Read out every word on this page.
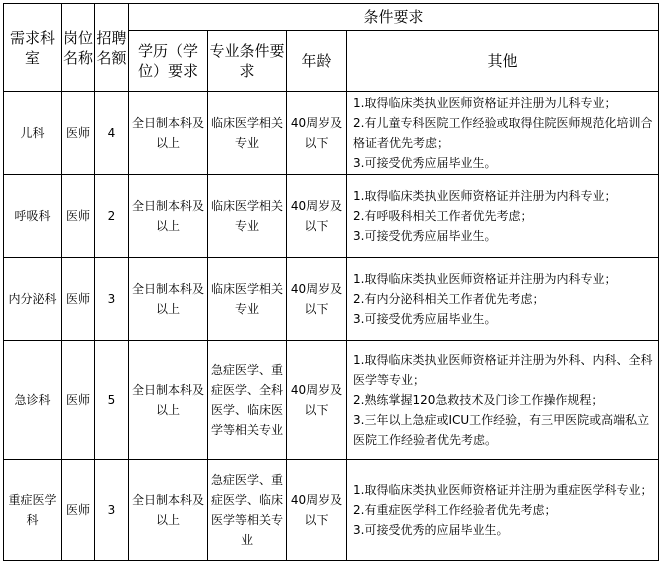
需求科室	岗位名称	招聘名额	条件要求			
			学历（学位）要求	专业条件要求	年龄	其他
儿科	医师	4	全日制本科及以上	临床医学相关专业	40周岁及以下	1.取得临床类执业医师资格证并注册为儿科专业；
2.有儿童专科医院工作经验或取得住院医师规范化培训合格证者优先考虑；
3.可接受优秀应届毕业生。

呼吸科	医师	2	全日制本科及以上	临床医学相关专业	40周岁及以下	1.取得临床类执业医师资格证并注册为内科专业；
2.有呼吸科相关工作者优先考虑；
3.可接受优秀应届毕业生。

内分泌科	医师	3	全日制本科及以上	临床医学相关专业	40周岁及以下	1.取得临床类执业医师资格证并注册为内科专业；
2.有内分泌科相关工作者优先考虑；
3.可接受优秀应届毕业生。

急诊科	医师	5	全日制本科及以上	急症医学、重症医学、全科医学、临床医学等相关专业	40周岁及以下	1.取得临床类执业医师资格证并注册为外科、内科、全科医学等专业；
2.熟练掌握120急救技术及门诊工作操作规程；
3.三年以上急症或ICU工作经验，有三甲医院或高端私立医院工作经验者优先考虑。

重症医学科	医师	3	全日制本科及以上	急症医学、重症医学、临床医学等相关专业	40周岁及以下	1.取得临床类执业医师资格证并注册为重症医学科专业；
2.有重症医学科工作经验者优先考虑；
3.可接受优秀的应届毕业生。
